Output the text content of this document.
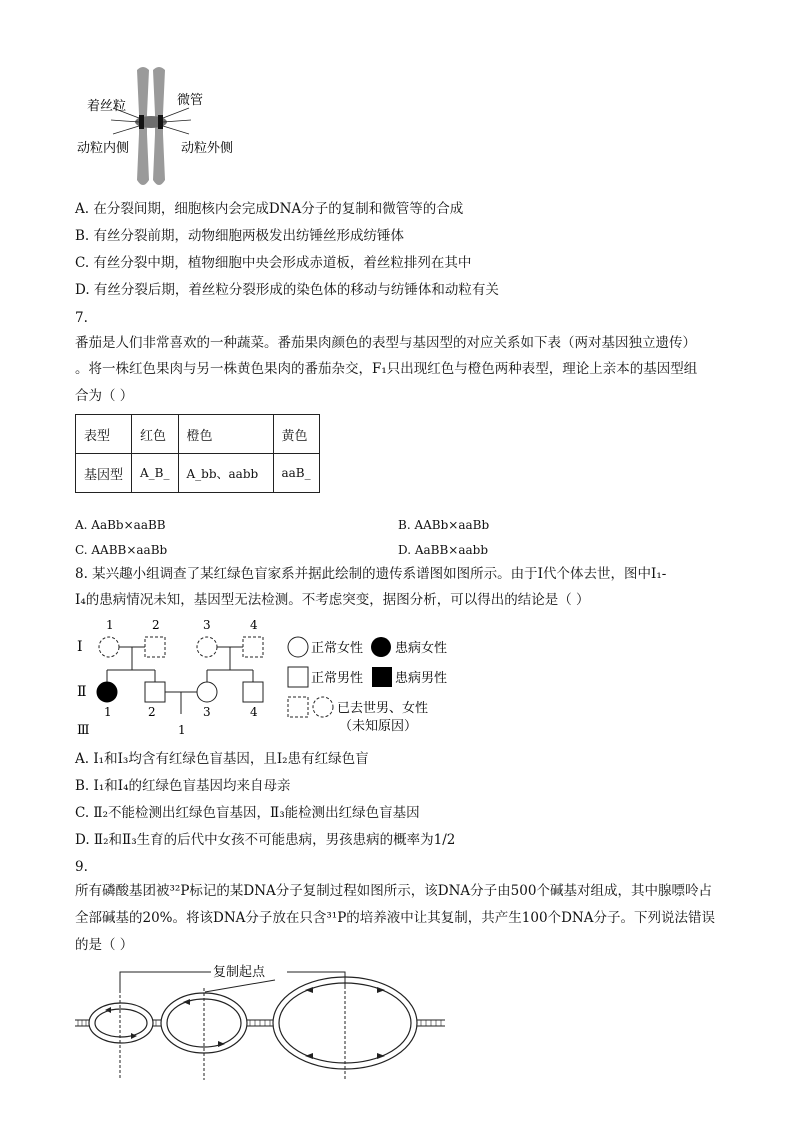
着丝粒	微管
动粒内侧	动粒外侧
A. 在分裂间期，细胞核内会完成DNA分子的复制和微管等的合成
B. 有丝分裂前期，动物细胞两极发出纺锤丝形成纺锤体
C. 有丝分裂中期，植物细胞中央会形成赤道板，着丝粒排列在其中
D. 有丝分裂后期，着丝粒分裂形成的染色体的移动与纺锤体和动粒有关
7.
番茄是人们非常喜欢的一种蔬菜。番茄果肉颜色的表型与基因型的对应关系如下表（两对基因独立遗传）
。将一株红色果肉与另一株黄色果肉的番茄杂交，F₁只出现红色与橙色两种表型，理论上亲本的基因型组
合为（ ）
表型	红色	橙色	黄色
基因型	A_B_	A_bb、aabb	aaB_
A. AaBb×aaBB	B. AABb×aaBb
C. AABB×aaBb	D. AaBB×aabb
8. 某兴趣小组调查了某红绿色盲家系并据此绘制的遗传系谱图如图所示。由于Ⅰ代个体去世，图中Ⅰ₁-
Ⅰ₄的患病情况未知，基因型无法检测。不考虑突变，据图分析，可以得出的结论是（ ）
Ⅰ
Ⅱ
Ⅲ
1	2	3	4
1	2	3	4
1
正常女性 患病女性
正常男性 患病男性
已去世男、女性
（未知原因）
A. Ⅰ₁和Ⅰ₃均含有红绿色盲基因，且Ⅰ₂患有红绿色盲
B. Ⅰ₁和Ⅰ₄的红绿色盲基因均来自母亲
C. Ⅱ₂不能检测出红绿色盲基因，Ⅱ₃能检测出红绿色盲基因
D. Ⅱ₂和Ⅱ₃生育的后代中女孩不可能患病，男孩患病的概率为1/2
9.
所有磷酸基团被³²P标记的某DNA分子复制过程如图所示，该DNA分子由500个碱基对组成，其中腺嘌呤占
全部碱基的20%。将该DNA分子放在只含³¹P的培养液中让其复制，共产生100个DNA分子。下列说法错误
的是（ ）
复制起点
